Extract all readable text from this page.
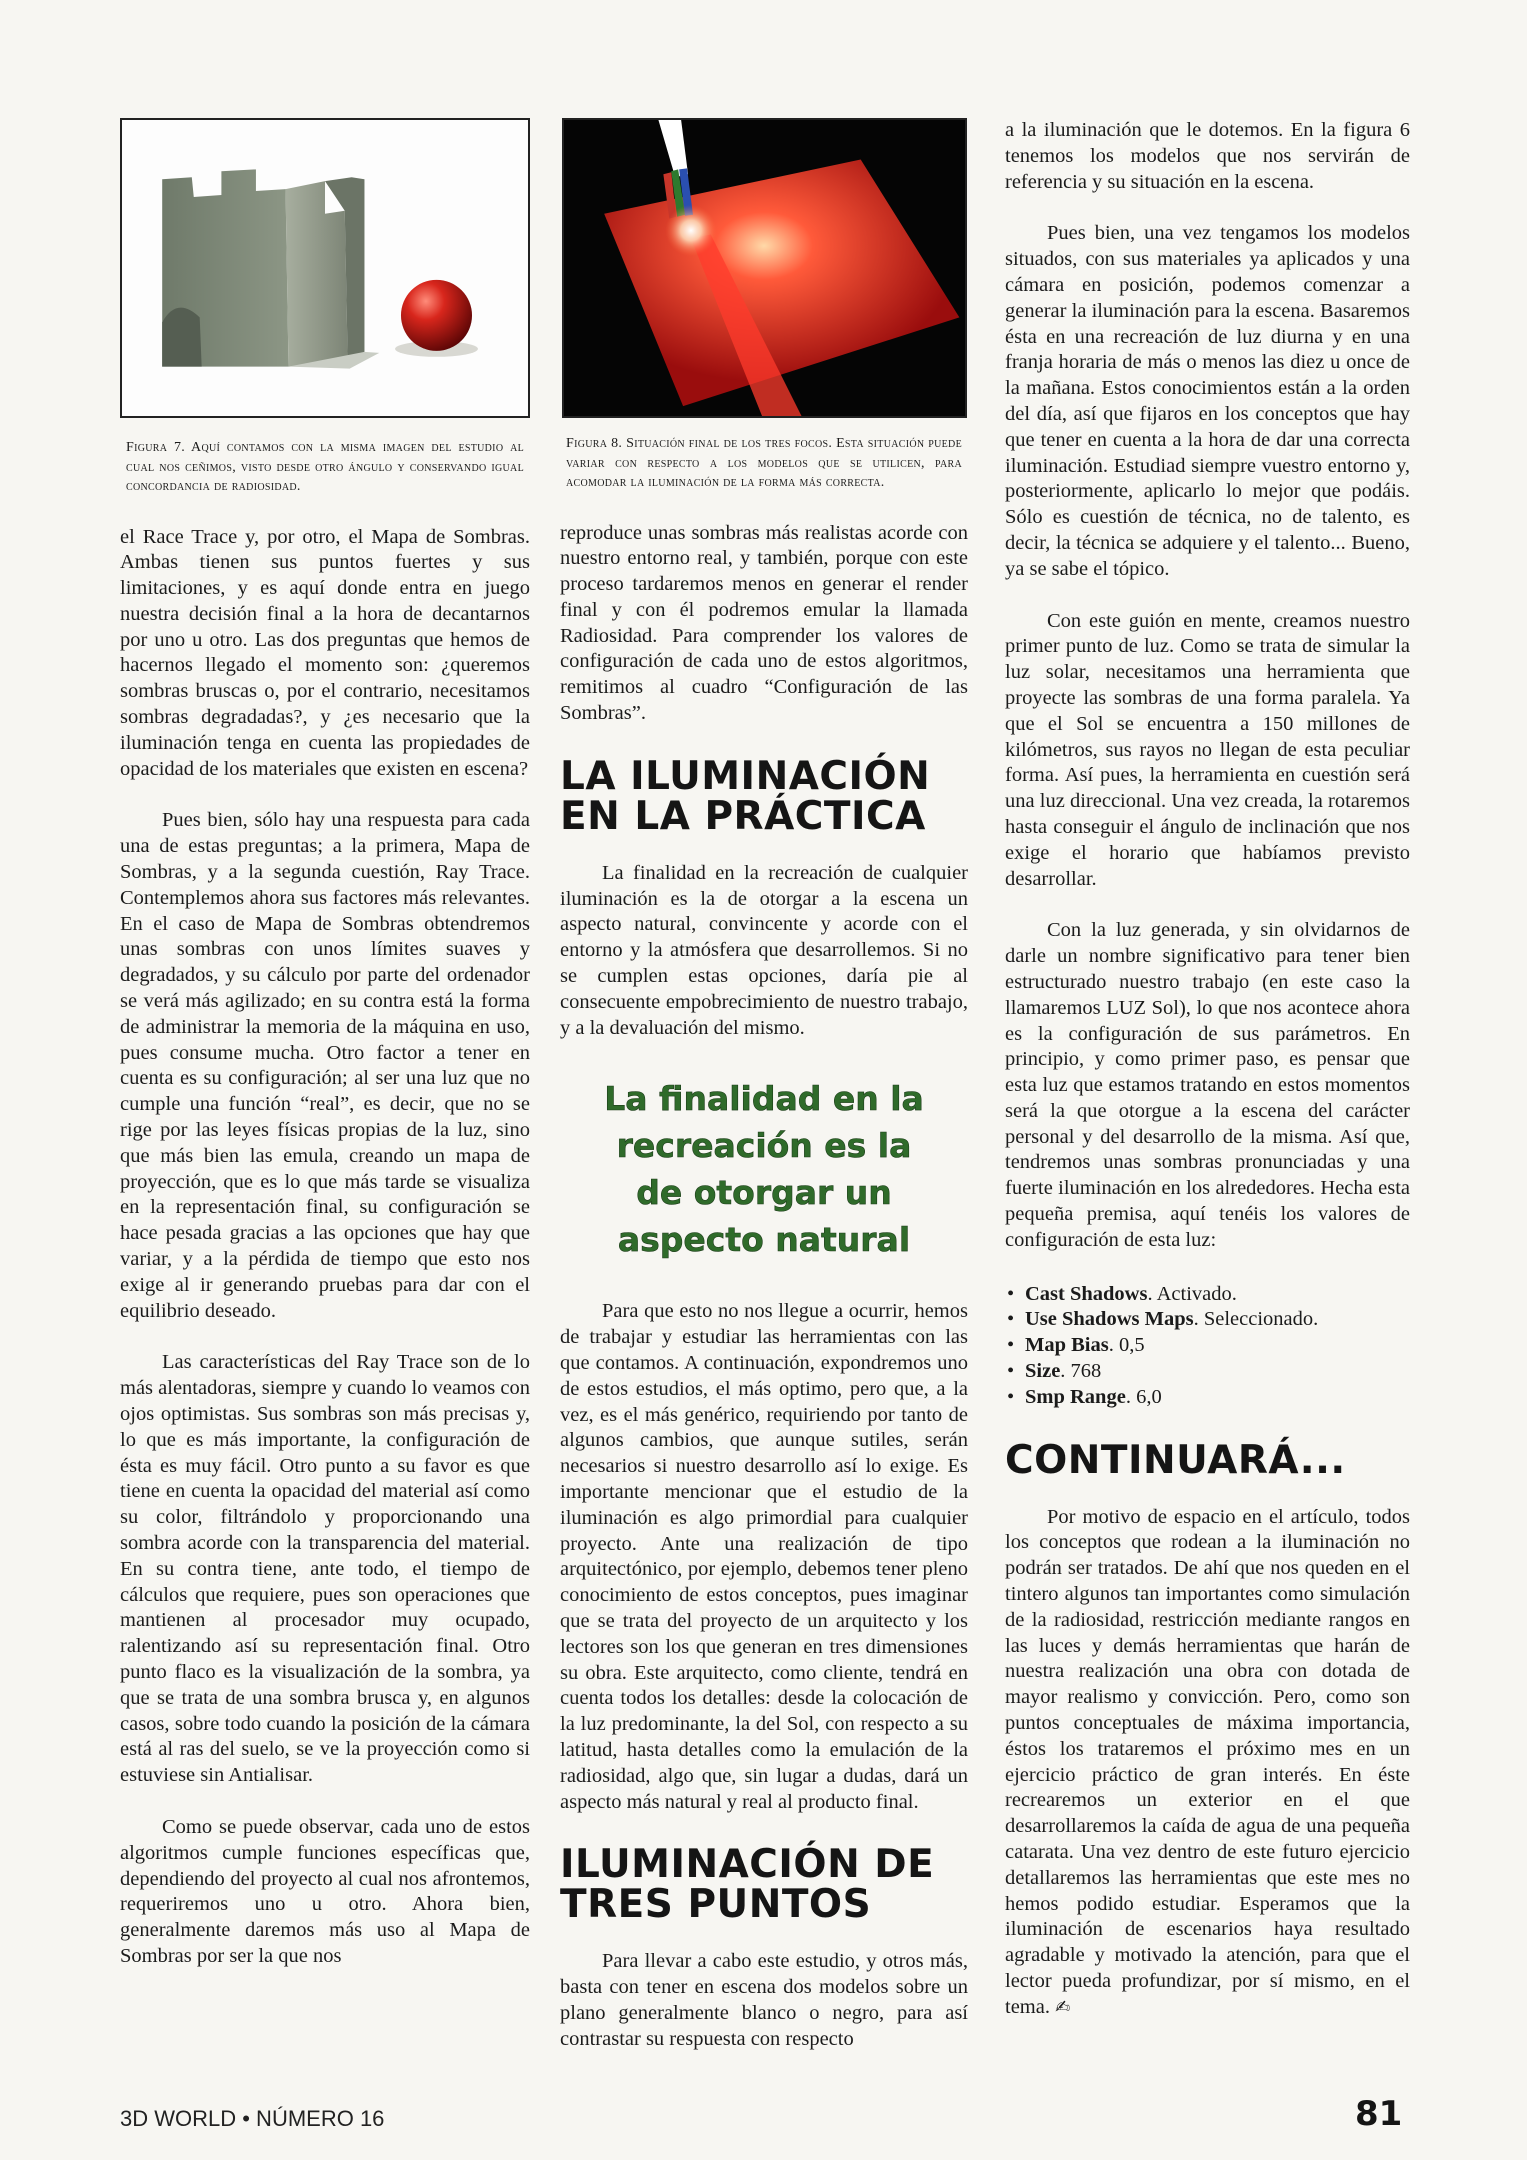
Figura 7. Aquí contamos con la misma imagen del estudio al cual nos ceñimos, visto desde otro ángulo y conservando igual concordancia de radiosidad.

el Race Trace y, por otro, el Mapa de Sombras. Ambas tienen sus puntos fuertes y sus limitaciones, y es aquí donde entra en juego nuestra decisión final a la hora de decantarnos por uno u otro. Las dos preguntas que hemos de hacernos llegado el momento son: ¿queremos sombras bruscas o, por el contrario, necesitamos sombras degradadas?, y ¿es necesario que la iluminación tenga en cuenta las propiedades de opacidad de los materiales que existen en escena?

Pues bien, sólo hay una respuesta para cada una de estas preguntas; a la primera, Mapa de Sombras, y a la segunda cuestión, Ray Trace. Contemplemos ahora sus factores más relevantes. En el caso de Mapa de Sombras obtendremos unas sombras con unos límites suaves y degradados, y su cálculo por parte del ordenador se verá más agilizado; en su contra está la forma de administrar la memoria de la máquina en uso, pues consume mucha. Otro factor a tener en cuenta es su configuración; al ser una luz que no cumple una función “real”, es decir, que no se rige por las leyes físicas propias de la luz, sino que más bien las emula, creando un mapa de proyección, que es lo que más tarde se visualiza en la representación final, su configuración se hace pesada gracias a las opciones que hay que variar, y a la pérdida de tiempo que esto nos exige al ir generando pruebas para dar con el equilibrio deseado.

Las características del Ray Trace son de lo más alentadoras, siempre y cuando lo veamos con ojos optimistas. Sus sombras son más precisas y, lo que es más importante, la configuración de ésta es muy fácil. Otro punto a su favor es que tiene en cuenta la opacidad del material así como su color, filtrándolo y proporcionando una sombra acorde con la transparencia del material. En su contra tiene, ante todo, el tiempo de cálculos que requiere, pues son operaciones que mantienen al procesador muy ocupado, ralentizando así su representación final. Otro punto flaco es la visualización de la sombra, ya que se trata de una sombra brusca y, en algunos casos, sobre todo cuando la posición de la cámara está al ras del suelo, se ve la proyección como si estuviese sin Antialisar.

Como se puede observar, cada uno de estos algoritmos cumple funciones específicas que, dependiendo del proyecto al cual nos afrontemos, requeriremos uno u otro. Ahora bien, generalmente daremos más uso al Mapa de Sombras por ser la que nos

Figura 8. Situación final de los tres focos. Esta situación puede variar con respecto a los modelos que se utilicen, para acomodar la iluminación de la forma más correcta.

reproduce unas sombras más realistas acorde con nuestro entorno real, y también, porque con este proceso tardaremos menos en generar el render final y con él podremos emular la llamada Radiosidad. Para comprender los valores de configuración de cada uno de estos algoritmos, remitimos al cuadro “Configuración de las Sombras”.

LA ILUMINACIÓN EN LA PRÁCTICA

La finalidad en la recreación de cualquier iluminación es la de otorgar a la escena un aspecto natural, convincente y acorde con el entorno y la atmósfera que desarrollemos. Si no se cumplen estas opciones, daría pie al consecuente empobrecimiento de nuestro trabajo, y a la devaluación del mismo.

La finalidad en la recreación es la de otorgar un aspecto natural

Para que esto no nos llegue a ocurrir, hemos de trabajar y estudiar las herramientas con las que contamos. A continuación, expondremos uno de estos estudios, el más optimo, pero que, a la vez, es el más genérico, requiriendo por tanto de algunos cambios, que aunque sutiles, serán necesarios si nuestro desarrollo así lo exige. Es importante mencionar que el estudio de la iluminación es algo primordial para cualquier proyecto. Ante una realización de tipo arquitectónico, por ejemplo, debemos tener pleno conocimiento de estos conceptos, pues imaginar que se trata del proyecto de un arquitecto y los lectores son los que generan en tres dimensiones su obra. Este arquitecto, como cliente, tendrá en cuenta todos los detalles: desde la colocación de la luz predominante, la del Sol, con respecto a su latitud, hasta detalles como la emulación de la radiosidad, algo que, sin lugar a dudas, dará un aspecto más natural y real al producto final.

ILUMINACIÓN DE TRES PUNTOS

Para llevar a cabo este estudio, y otros más, basta con tener en escena dos modelos sobre un plano generalmente blanco o negro, para así contrastar su respuesta con respecto

a la iluminación que le dotemos. En la figura 6 tenemos los modelos que nos servirán de referencia y su situación en la escena.

Pues bien, una vez tengamos los modelos situados, con sus materiales ya aplicados y una cámara en posición, podemos comenzar a generar la iluminación para la escena. Basaremos ésta en una recreación de luz diurna y en una franja horaria de más o menos las diez u once de la mañana. Estos conocimientos están a la orden del día, así que fijaros en los conceptos que hay que tener en cuenta a la hora de dar una correcta iluminación. Estudiad siempre vuestro entorno y, posteriormente, aplicarlo lo mejor que podáis. Sólo es cuestión de técnica, no de talento, es decir, la técnica se adquiere y el talento... Bueno, ya se sabe el tópico.

Con este guión en mente, creamos nuestro primer punto de luz. Como se trata de simular la luz solar, necesitamos una herramienta que proyecte las sombras de una forma paralela. Ya que el Sol se encuentra a 150 millones de kilómetros, sus rayos no llegan de esta peculiar forma. Así pues, la herramienta en cuestión será una luz direccional. Una vez creada, la rotaremos hasta conseguir el ángulo de inclinación que nos exige el horario que habíamos previsto desarrollar.

Con la luz generada, y sin olvidarnos de darle un nombre significativo para tener bien estructurado nuestro trabajo (en este caso la llamaremos LUZ Sol), lo que nos acontece ahora es la configuración de sus parámetros. En principio, y como primer paso, es pensar que esta luz que estamos tratando en estos momentos será la que otorgue a la escena del carácter personal y del desarrollo de la misma. Así que, tendremos unas sombras pronunciadas y una fuerte iluminación en los alrededores. Hecha esta pequeña premisa, aquí tenéis los valores de configuración de esta luz:

• Cast Shadows. Activado.
• Use Shadows Maps. Seleccionado.
• Map Bias. 0,5
• Size. 768
• Smp Range. 6,0
CONTINUARÁ...

Por motivo de espacio en el artículo, todos los conceptos que rodean a la iluminación no podrán ser tratados. De ahí que nos queden en el tintero algunos tan importantes como simulación de la radiosidad, restricción mediante rangos en las luces y demás herramientas que harán de nuestra realización una obra con dotada de mayor realismo y convicción. Pero, como son puntos conceptuales de máxima importancia, éstos los trataremos el próximo mes en un ejercicio práctico de gran interés. En éste recrearemos un exterior en el que desarrollaremos la caída de agua de una pequeña catarata. Una vez dentro de este futuro ejercicio detallaremos las herramientas que este mes no hemos podido estudiar. Esperamos que la iluminación de escenarios haya resultado agradable y motivado la atención, para que el lector pueda profundizar, por sí mismo, en el tema. ✍

3D WORLD • NÚMERO 16	81
